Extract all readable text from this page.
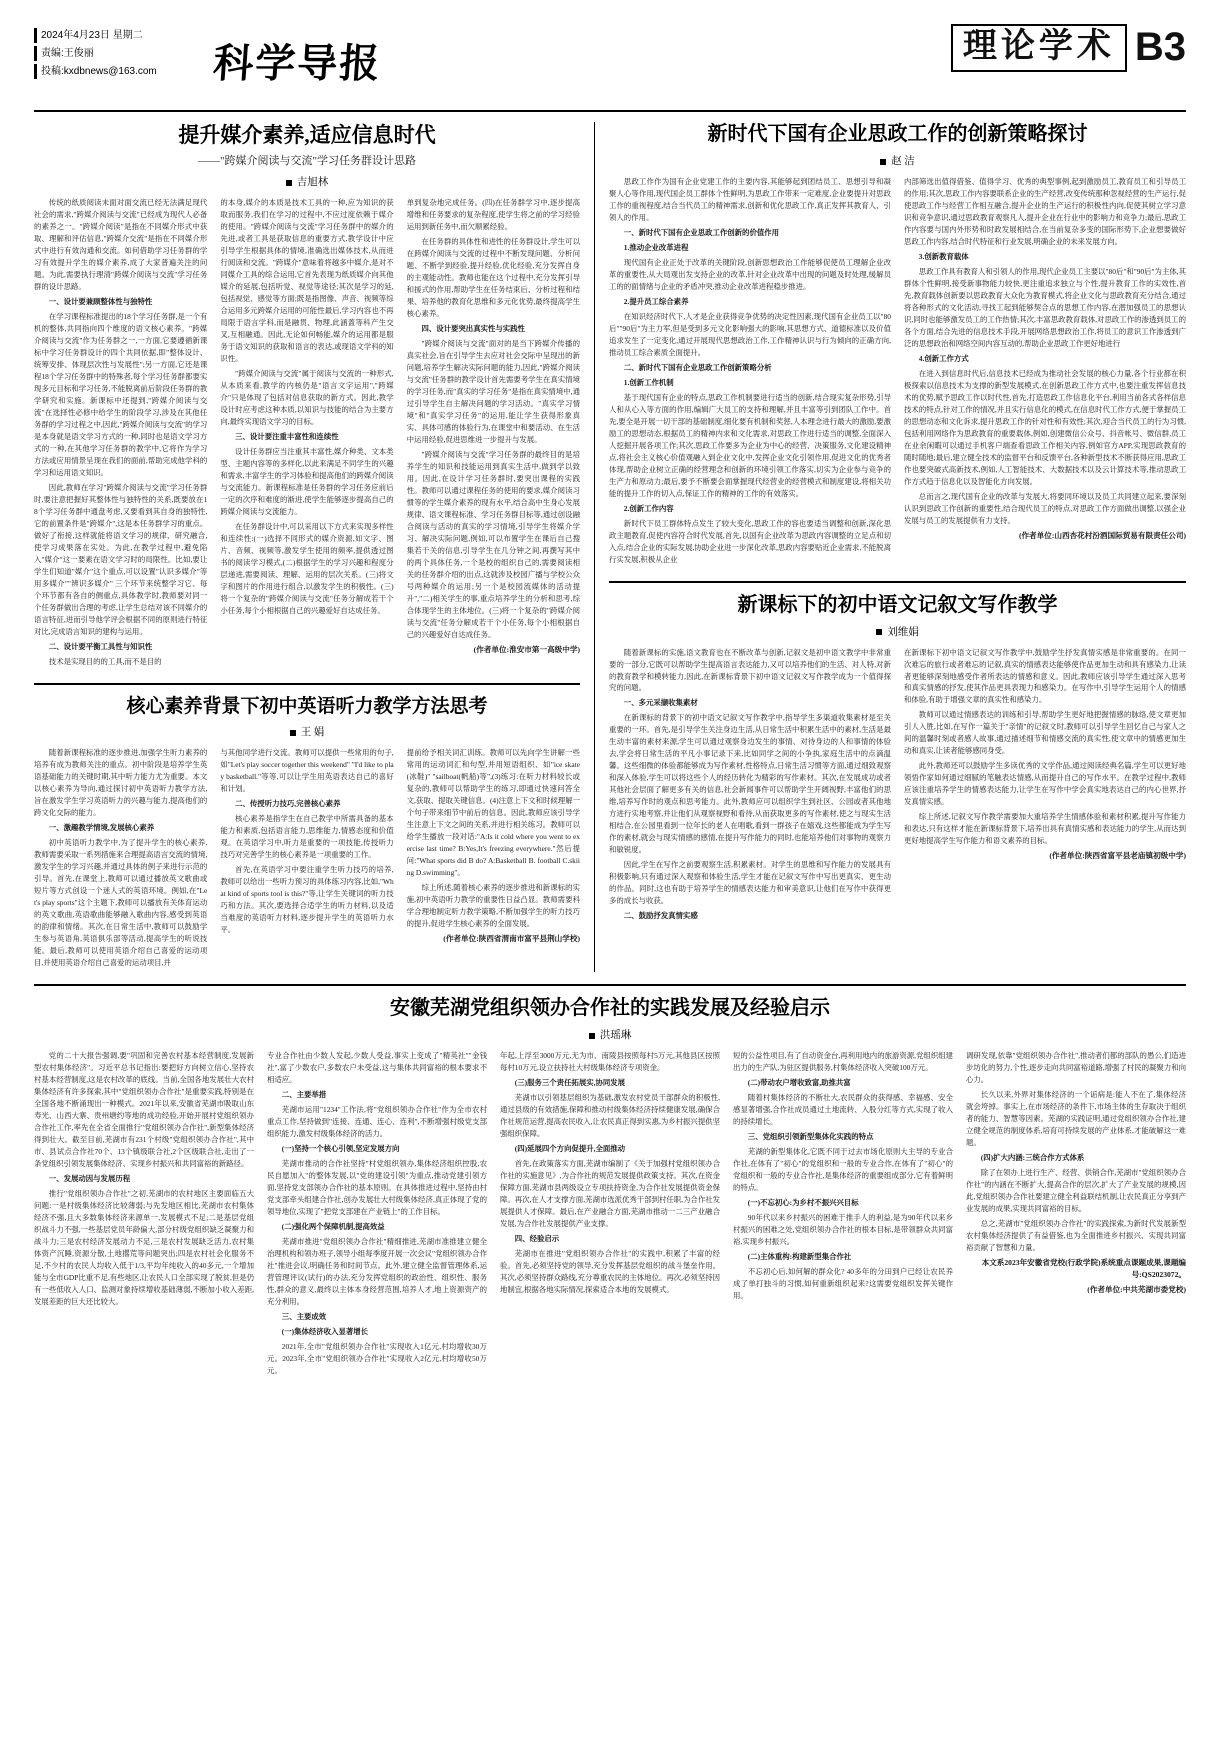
2024年4月23日 星期二
责编:王俊丽
投稿:kxdbnews@163.com	科学导报	理论学术 B3
提升媒介素养,适应信息时代
——"跨媒介阅读与交流"学习任务群设计思路
吉旭林

传统的纸质阅读未面对面交流已经无法满足现代社会的需求,"跨媒介阅读与交流"已经成为现代人必备的素养之一。"跨媒介阅读"是指在不同媒介形式中获取、理解和评估信息,"跨媒介交流"是指在不同媒介形式中进行有效沟通和交流。如何借助学习任务群的学习有效提升学生的媒介素养,成了大家普遍关注的问题。为此,需要执行理清"跨媒介阅读与交流"学习任务群的设计思路。

一、设计要兼顾整体性与独特性

在学习课程标准提出的18个学习任务群,是一个有机的整体,共同指向四个维度的语文核心素养。"跨媒介阅读与交流"作为任务群之一,一方面,它要遵循新课标中学习任务群设计的四个共同依据,即"整体设计、统筹安排、体现层次性与发展性";另一方面,它还是课程18个学习任务群中的特殊者,每个学习任务群都要实现多元目标和学习任务,不能脱离前后阶段任务群的教学研究和实施。新课标中还提到,"跨媒介阅读与交流"在选择性必修中给学生的阶段学习,涉及在其他任务群的学习过程之中,因此,"跨媒介阅读与交流"的学习是本身就是语文学习方式的一种,同时也是语文学习方式的一种,在其他学习任务群的教学中,它将作为学习方法或应用情景呈现在我们的面前,帮助完成他学科的学习和运用语文知识。

因此,教师在学习"跨媒介阅读与交流"学习任务群时,要注意把握好其整体性与独特性的关系,既要放在18个学习任务群中通盘考虑,又要看到其自身的独特性,它的前置条件是"跨媒介",这是本任务群学习的重点。做好了衔接,这样就能将语文学习的规律、研究融合,使学习成果落在实处。为此,在教学过程中,避免陷入"媒介"这一要素在语文学习时的局限性。比如,要让学生们知道"媒介"这个重点,可以设置"认识多媒介"等用多媒介""辨识多媒介" 三个环节来统整学习它、每个环节都有各自的侧重点,具体教学时,教师要对同一个任务群做出合理的考虑,让学生总结对该不同媒介的语言特征,进而引导他学评会根据不同的原则进行特征对比,完成语言知识的建构与运用。

二、设计要平衡工具性与知识性

技术是实现目的的工具,而不是目的

的本身,媒介的本质是技术工具的一种,应为知识的获取而服务,我们在学习的过程中,不应过度依赖于媒介的使用。"跨媒介阅读与交流"学习任务群中的媒介的先进,或者工具是获取信息的重要方式,教学设计中应引导学生根据具体的情境,准确选出媒体技术,从而进行阅读和交流。"跨媒介"意味着将越多中媒介,是对不同媒介工具的综合运用,它首先表现为纸质媒介向其他媒介的延展,包括听觉、视觉等途径;其次是学习的延,包括视觉、感觉等方面;既是指图像、声音、视频等综合运用多元跨媒介运用的可能性最后,学习内容也不再局限于语言学科,而是融贯、物理,此涵蓋等科产生交叉,互相融通。因此,无论如何畅能,媒介的运用都是服务于语文知识的获取和语言的表达,或现语文学科的知识性。

"跨媒介阅读与交流"属于阅读与交流的一种形式,从本质来看,教学的内核仍是"语言文字运用","跨媒介"只是体现了包括对信息获取的新方式。因此,教学设计时应考虑这种本质,以知识与技能的结合为主要方向,最终实现语文学习的目标。

三、设计要注重丰富性和连续性

设计任务群应当注重其丰富性,媒介种类、文本类型、主题内容等的多样化,以此来满足不同学生的兴趣和需求,丰富学生的学习体验和提高他们的跨媒介阅读与交流能力。新课程标准是任务群的学习任务应前后一定的次序和难度的渐进,使学生能够逐步提高自己的跨媒介阅读与交流能力。

在任务群设计中,可以采用以下方式来实现多样性和连续性:(一)选择不同形式的媒介资源,如文字、图片、音频、视频等,激发学生使用的频率,提供透过图书的阅读学习模式,(二)根据学生的学习兴趣和程度分层递进,需要阅读、理解、运用的层次关系。(三)将文字和图片的作用进行组合,以激发学生的积极性。(三)将一个复杂的"跨媒介阅读与交流"任务分解成若干个小任务,每个小相根据自己的兴趣爱好自达成任务。

单到复杂地完成任务。(四)在任务群学习中,逐步提高增维和任务要求的复杂程度,使学生将之前的学习经验运用到新任务中,而欠顺累经验。

在任务群的具体性和进性的任务群设计,学生可以在跨媒介阅读与交流的过程中不断发现问题、分析问题、不断学到经验,提升经验,优化经验,充分发挥自身的主观能动性。教师也能在这个过程中,充分发挥引导和援式的作用,帮助学生在任务结束后、分析过程和结果、培养他的教育化思维和多元化优势,最终提高学生核心素养。

四、设计要突出真实性与实践性

"跨媒介阅读与交流"面对的是当下跨媒介传播的真实社会,旨在引导学生去应对社会交际中呈现出的新问题,培养学生解决实际问题的能力,因此,"跨媒介阅读与交流"任务群的教学设计首先需要考学生在真实情境的学习任务,而"真实的学习任务"是指在真实情境中,通过引导学生自主解决问题的学习活动。"真实学习情境"和"真实学习任务"的运用,能让学生获得形象真实、具体可感的体验行为,在课堂中和要活动、在生活中运用经验,促进思维进一步提升与发展。

"跨媒介阅读与交流"学习任务群的最终目的是培养学生的知识和技能运用到真实生活中,做到学以致用。因此,在设计学习任务群时,要突出课程的实践性。教师可以通过课程任务的使用的要求,媒介阅读习惯等的学生媒介素养的现有水平,结合高中生身心发展规律、语文课程标准、学习任务群目标等,通过创设融合阅读与活动的真实的学习情境,引导学生将媒介学习、解决实际问题,例如,可以布置学生在课后自己搜集若干关的信息,引导学生在几分钟之间,再撰写其中的两个具体任务,一个是校的组织自己的,需要阅读相关的任务群介绍的出点,这就涉及校园广播与学校公众号两种媒介的运用;另一个是校园流媒体的活动提升","二)相关学生的事,重点培养学生的分析和思考,综合体现学生的主体地位。(三)将一个复杂的"跨媒介阅读与交流"任务分解成若干个小任务,每个小相根据自己的兴趣爱好自达成任务。

(作者单位:淮安市第一高级中学)

核心素养背景下初中英语听力教学方法思考
王 娟

随着新课程标准的逐步推进,加强学生听力素养的培养有成为教师关注的重点。初中阶段是培养学生英语基础能力的关键时期,其中听力能力尤为重要。本文以核心素养为导向,通过探讨初中英语听力教学方法,旨在激发学生学习英语听力的兴趣与能力,提高他们的跨文化交际的能力。

一、激趣教学情境,发展核心素养

初中英语听力教学中,为了提升学生的核心素养,教师需要采取一系列措施来合理提高语言交流的情境,激发学生的学习兴趣,并通过具体的例子来进行示范的引导。首先,在课堂上,教师可以通过播放英文歌曲或短片等方式创设一个迷人式的英语环境。例如,在"Let's play sports"这个主题下,教师可以播放有关体育运动的英文歌曲,英语歌曲能够融入歌曲内容,感受到英语的韵律和情绪。其次,在日常生活中,教师可以鼓励学生参与英语角,英语俱乐部等活动,提高学生的听说技能。最后,教师可以使用英语介绍自己喜爱的运动项目,并使用英语介绍自己喜爱的运动项目,并

与其他同学进行交流。教师可以提供一些常用的句子,如"Let's play soccer together this weekend" "I'd like to play basketball."等等,可以让学生用英语表达自己的喜好和计划。

二、传授听力技巧,完善核心素养

核心素养是指学生在自己教学中所需具备的基本能力和素质,包括语言能力,思维能力,情感态度和价值观。在英语学习中,听力是重要的一项技能,传授听力技巧对完善学生的核心素养是一项重要的工作。

首先,在英语学习中要注重学生听力技巧的培养,教师可以给出一些听力预习的具体练习内容,比如,"What kind of sports tool is this?"等,让学生关键词的听力技巧和方法。其次,要选择合适学生的听力材料,以及适当难度的英语听力材料,逐步提升学生的英语听力水平。

提前给予相关词汇训练。教师可以先向学生讲解一些常用的运动词汇和句型,并用短语组织、如"ice skate (冰鞋)" "sailboat(帆船)等",(3)练习:在听力材料较长或复杂的,教师可以帮助学生的练习,即通过快速问答全文,获取、提取关键信息。(4)注意上下文和时候理解一个句子带来细节中前后的信息。因此,教师应该引导学生注意上下文之间的关系,并进行相关练习。教师可以给学生播放一段对话:"A:Is it cold where you went to exercise last time? B:Yes,It's freezing everywhere."然后提问:"What sports did B do? A:Basketball B. football C.skiing D.swimming"。

综上所述,随着核心素养的逐步推进和新课标的实施,初中英语听力教学的重要性日益凸显。教师需要科学合理地制定听力教学策略,不断加强学生的听力技巧的提升,促进学生核心素养的全面发展。

(作者单位:陕西省渭南市富平县荆山学校)

新时代下国有企业思政工作的创新策略探讨
赵 洁

思政工作作为国有企业党建工作的主要内容,其能够起到团结员工、思想引导和凝聚人心等作用,现代国企员工群体个性鲜明,为思政工作带来一定难度,企业要提升对思政工作的重视程度,结合当代员工的精神需求,创新和优化思政工作,真正发挥其教育人、引领人的作用。

一、新时代下国有企业思政工作创新的价值作用

1.推动企业改革进程

现代国有企业正处于改革的关键阶段,创新思想政治工作能够促使员工理解企业改革的重要性,从大局观出发支持企业的改革,针对企业改革中出现的问题及时处理,缓解员工的的面情绪与企业的矛盾冲突,推动企业改革进程稳步推进。

2.提升员工综合素养

在知识经济时代下,人才是企业获得竞争优势的决定性因素,现代国有企业员工以"80后""90后"为主力军,但是受到多元文化影响强大的影响,其思想方式、道德标准以及价值追求发生了一定变化,通过开展现代思想政治工作,工作精神认识与行为倾向的正确方向,推动员工综合素质全面提升。

二、新时代下国有企业思政工作创新策略分析

1.创新工作机制

基于现代国有企业的特点,思政工作机制要进行适当的创新,结合现实复杂形势,引导人和从心入等方面的作用,编辑广大员工的支持和理解,并且丰富等引到团队工作中。首先,要全是开展一切干部的基础制度,细化要有机制和奖惩,人本理念进行最大的激励,要激励工的思想动态,根据员工的精神内求和文化需求,对思政工作进行适当的调整,全面深入人挖掘开展各项工作;其次,思政工作要多为企业为中心的经营、决策服务,文化建设精神点,将社会主义核心价值观融入到企业文化中,发挥企业文化引领作用,促进文化的优秀者体现,帮助企业树立正确的经营理念和创新的环境引领工作落实,切实为企业参与竞争的生产力和原动力;最后,要予不断要会面掌握现代经营业的经营模式和制度建设,将相关功能的提升工作的切入点,保证工作的精神的工作的有效落实。

2.创新工作内容

新时代下员工群体特点发生了较大变化,思政工作的容也要适当调整和创新,深化思政主题教育,促使内容符合时代发展,首先,以国有企业改革为思政内容调整的立足点和切入点,结合企业的实际发展,协助企业进一步深化改革,思政内容要贴近企业需求,不能脱离行实发展,积极从企业

内部筛选出值得借鉴、值得学习、优秀的典型事例,起到激励员工,教育员工和引导员工的作用;其次,思政工作内容要联系企业的生产经营,改变传统那种忽视经营的生产运行,促使思政工作与经营工作相互融合,提升企业的生产运行的积极性内向,促使其树立学习意识和竞争意识,通过思政教育观察凡人,提升企业在行业中的影响力和竞争力;最后,思政工作内容要与国内外形势和时政发展相结合,在当前复杂多变的国际形势下,企业想要做好思政工作内容,结合时代特征和行业发展,明确企业的未来发展方向。

3.创新教育载体

思政工作具有教育人和引领人的作用,现代企业员工主要以"80后"和"90后"为主体,其群体个性鲜明,接受新事物能力较快,更注重追求独立与个性,提升教育工作的实效性,首先,教育载体创新要以思政教育大众化为教育模式,将企业文化与思政教育充分结合,通过将各种形式的文化活动,寻找工起到能够契合点的思想工作内容,在潜加强员工的思想认识,同时也能够激发员工的工作热情;其次,丰富思政教育载体,对思政工作的渗透到员工的各个方面,结合先进的信息技术手段,开展网络思想政治工作,将员工的意识工作渗透到广泛的思想政治和网络空间内容互动的,帮助企业思政工作更好地进行

4.创新工作方式

在进入到信息时代后,信息技术已经成为推动社会发展的核心力量,各个行业都在积极探索以信息技术为支撑的新型发展模式,在创新思政工作方式中,也要注重发挥信息技术的优势,赋予思政工作以时代性,首先,打造思政工作信息化平台,利用当前各式各样信息技术的特点,针对工作的情况,并且实行信息化的模式,在信息时代工作方式,便于掌握员工的思想动态和文化诉求,提升思政工作的针对性和有效性;其次,迎合当代员工的行为习惯,包括利用网络作为思政教育的重要载体,例如,创建微信公众号、抖音帐号、微信群,员工在业余闲暇可以通过手机客户端查看思政工作相关内容,例如官方APP,实现思政教育的随时随地;最后,建立健全技术的监督平台和反馈平台,各种新型技术不断获得应用,思政工作也要突破式高新技术,例如,人工智能技术、大数据技术以及云计算技术等,推动思政工作方式趋于信息化以及智能化方向发展。

总而言之,现代国有企业的改革与发展大,将要同环境以及员工共同建立起来,要深刻认识到思政工作创新的重要性,结合现代员工的特点,对思政工作方面做出调整,以强企业发展与员工的发展提供有力支持。

(作者单位:山西杏花村汾酒国际贸易有限责任公司)

新课标下的初中语文记叙文写作教学
刘维娟

随着新课标的实施,语文教育也在不断改革与创新,记叙文是初中语文教学中非常重要的一部分,它既可以帮助学生提高语言表达能力,又可以培养他们的生活、对人特,对新的教育教学和模转能力,因此,在新课标背景下初中语文记叙文写作教学成为一个值得探究的问题。

一、多元采撷收集素材

在新课标的背景下的初中语文记叙文写作教学中,指导学生多渠道收集素材是至关重要的一环。首先,是引导学生关注身边生活,从日常生活中积累生活中的素材,生活是最生动丰富的素材来源,学生可以通过观察身边发生的事情、对待身边的人和事情的体验去,学会将日常生活的平凡小事记录下来,比如同学之间的小争执,家庭生活中的点滴温馨。这些细微的体验都能够成为写作素材,性格特点,日常生活习惯等方面,通过细致观察和深入体验,学生可以将这些个人的经历转化为精彩的写作素材。其次,在发展成功或者其他社会层面了解更多有关的信息,社会新闻事件可以帮助学生开阔视野,丰富他们的思维,培养写作时的观点和思考能力。此外,教师应可以组织学生到社区、公园或者其他地方进行实地考察,并让他们从观察视野和看待,从而获取更多的写作素材,使之与现实生活相结合,在公园里看到一位年长的老人在唱歌,看到一群孩子在嬉戏,这些都能成为学生写作的素材,就会与现实情感的感情,在提升写作能力的同时,也能培养他们对事物的观察力和敏锐度。

因此,学生在写作之前要观察生活,积累素材。对学生的思维和写作能力的发展具有积极影响,只有通过深入观察和体验生活,学生才能在记叙文写作中写出更真实、更生动的作品。同时,这也有助于培养学生的情感表达能力和审美意识,让他们在写作中获得更多的成长与收获。

二、鼓励抒发真情实感

在新课标下初中语文记叙文写作教学中,鼓励学生抒发真情实感是非常重要的。在同一次难忘的旅行或者难忘的记叙,真实的情感表达能够使作品更加生动和具有感染力,让读者更能够深刻地感受作者所表达的情感和意义。因此,教师应该引导学生通过深入思考和真实情感的抒发,使其作品更具表现力和感染力。在写作中,引导学生运用个人的情感和体验,有助于增强文章的真实性和感染力。

教师可以通过情感表达的训练和引导,帮助学生更好地把握情感的脉络,使文章更加引人入胜,比如,在写作一篇关于"亲情"的记叙文时,教师可以引导学生回忆自己与家人之间的温馨时刻或者感人故事,通过描述细节和情感交流的真实性,使文章中的情感更加生动和真实,让读者能够感同身受。

此外,教师还可以鼓励学生多读优秀的文学作品,通过阅读经典名篇,学生可以更好地领悟作家如何通过细腻的笔触表达情感,从而提升自己的写作水平。在教学过程中,教师应该注重培养学生的情感表达能力,让学生在写作中学会真实地表达自己的内心世界,抒发真情实感。

综上所述,记叙文写作教学需要加大重培养学生情感体验和素材积累,提升写作能力和表达,只有这样才能在新课标背景下,培养出具有真情实感和表达能力的学生,从而达到更好地提高学生写作能力和语文素养的目标。

(作者单位:陕西省富平县老庙镇初级中学)

安徽芜湖党组织领办合作社的实践发展及经验启示
洪瑶琳

党的二十大报告强调,要"巩固和完善农村基本经营制度,发展新型农村集体经济"。习近平总书记指出:要把好方向树立信心,坚持农村基本经营制度,这是农村改革的底线。当前,全国各地发展壮大农村集体经济有许多探索,其中"党组织领办合作社"是重要实践,特别是在全国各地不断涌现出一种模式。2021年以来,安徽省芜湖市吸取山东寿光、山西大寨、贵州塘约等地的成功经验,开始开展村党组织领办合作社工作,率先在全省全面推行"党组织领办合作社",新型集体经济得到壮大。截至目前,芜湖市有231个村级"党组织领办合作社",其中市、县试点合作社70个、13个镇级联合社,2个区级联合社,走出了一条党组织引领发展集体经济、实现乡村振兴和共同富裕的新路径。

一、发展动因与发展历程

推行"党组织领办合作社"之初,芜湖市的农村地区主要面临五大问题:一是村级集体经济比较薄弱;与先发地区相比,芜湖市农村集体经济不强,且大多数集体经济来源单一,发展模式不足;二是基层党组织战斗力不强,一些基层党员年龄偏大,部分村级党组织缺乏凝聚力和战斗力;三是农村经济发展动力不足,三是农村发展缺乏活力,农村集体资产沉睡,资源分散,土地撂荒等问题突出;四是农村社会化服务不足,不少村的农民人均收入低于1/3,平均年纯收入的40多元,一个增加能与全市GDP比重不足,有些地区,让农民人口全部实现了脱贫,但是仍有一些低收入人口、监测对象持续增收基础薄弱,不断加小收入差距,发展差距的巨大还比较大。

专业合作社由少数人发起,少数人受益,事实上变成了"精英社""金钱社",富了少数农户,多数农户未受益,这与集体共同富裕的根本要求不相适应。

二、主要举措

芜湖市运用"1234"工作法,将"党组织领办合作社"作为全市农村重点工作,坚持做到"连接、连通、连心、连利",不断增强村级党支部组织能力,激发村级集体经济的活力。

(一)坚持一个核心引领,坚定发展方向

芜湖市推动的合作社坚持"村党组织领办,集体经济组织控股,农民自愿加入"的整体发展,以"党的建设引领"为重点,推动党建引领方面,坚持党支部领办合作社的基本原则。在具体推进过程中,坚持由村党支部牵头组建合作社,创办发展壮大村级集体经济,真正体现了党的领导地位,实现了"把党支部建在产业链上"的工作目标。

(二)强化两个保障机制,提高效益

芜湖市推进"党组织领办合作社"精细推进,芜湖市准推建立健全治理机构和领办班子,领导小组每季度开展一次会议"党组织领办合作社"推进会议,明确任务和时间节点。此外,建立健全监督管理体系,运营管理评议(试行)的办法,充分发挥党组织的政治性、组织性、服务性,群众的意义,最终以主体本身经营范围,培养人才,地上资源资产的充分利用。

三、主要成效

(一)集体经济收入显著增长

2021年,全市"党组织领办合作社"实现收入1亿元,村均增收30万元。2023年,全市"党组织领办合作社"实现收入2亿元,村均增收50万元。

年起,上浮至3000万元,无为市、南陵县按照每村5万元,其他县区按照每村10万元,设立扶持社大村级集体经济专项资金。

(三)服务三个责任拓展实,协同发展

芜湖市以引领基层组织为基础,激发农村党员干部群众的积极性,通过县级的有效措施,保障和推动村级集体经济持续健康发展,确保合作社规范运营,提高农民收入,让农民真正得到实惠,为乡村振兴提供坚强组织保障。

(四)延展四个方向促提升,全面推动

首先,在政策落实方面,芜湖市编制了《关于加强村党组织领办合作社的实施意见》,为合作社的规范发展提供政策支持。其次,在资金保障方面,芜湖市县两级设立专项扶持资金,为合作社发展提供资金保障。再次,在人才支撑方面,芜湖市选派优秀干部到村任职,为合作社发展提供人才保障。最后,在产业融合方面,芜湖市推动一二三产业融合发展,为合作社发展提供产业支撑。

四、经验启示

芜湖市在推进"党组织领办合作社"的实践中,积累了丰富的经验。首先,必须坚持党的领导,充分发挥基层党组织的战斗堡垒作用。其次,必须坚持群众路线,充分尊重农民的主体地位。再次,必须坚持因地制宜,根据各地实际情况,探索适合本地的发展模式。

短的公益性项目,有了自动资金台,再利用地内的旅游资源,党组织组建出力的生产队,为驻区提供服务,村集体经济收入突破100万元。

(二)带动农户增收致富,助推共富

随着村集体经济的不断壮大,农民群众的获得感、幸福感、安全感显著增强,合作社成员通过土地流转、入股分红等方式,实现了收入的持续增长。

三、党组织引领新型集体化实践的特点

芜湖的新型集体化,它既不同于过去市场化原则大主导的专业合作社,在体有了"初心"的党组织和一般的专业合作,在体有了"初心"的党组织和一般的专业合作社,是集体经济的重要组成部分,它有着鲜明的特点。

(一)不忘初心:为乡村不振兴兴目标

90年代以来乡村振兴的困难于推手人的利益,是为90年代以来乡村振兴的困难之处,党组织领办合作社的根本目标,是带领群众共同富裕,实现乡村振兴。

(二)主体重构:构建新型集合作社

不忘初心后,如何解的群众化? 40多年的分田到户已经让农民养成了单打独斗的习惯,如何重新组织起来?这需要党组织发挥关键作用。

调研发现,依靠"党组织领办合作社",推动者们都的部队的愚公,们造进步坊化的努力,个性,逐步走向共同富裕道路,增强了村民的凝聚力和向心力。

长久以来,外界对集体经济的一个诟病是:能人不在了,集体经济就会垮掉。事实上,在市场经济的条件下,市场主体的生存取决于组织者的能力、智慧等因素。芜湖的实践证明,通过党组织领办合作社,建立健全规范的制度体系,培育可持续发展的产业体系,才能破解这一难题。

(四)扩大内涵:三统合作方式体系

除了在领办上进行生产、经营、供销合作,芜湖市"党组织领办合作社"的内涵在不断扩大,提高合作的层次,扩大了产业发展的规模,因此,党组织领办合作社要建立健全利益联结机制,让农民真正分享到产业发展的成果,实现共同富裕的目标。

总之,芜湖市"党组织领办合作社"的实践探索,为新时代发展新型农村集体经济提供了有益借鉴,也为全面推进乡村振兴、实现共同富裕贡献了智慧和力量。

本文系2023年安徽省党校(行政学院)系统重点课题成果,课题编号:QS2023072。

(作者单位:中共芜湖市委党校)
